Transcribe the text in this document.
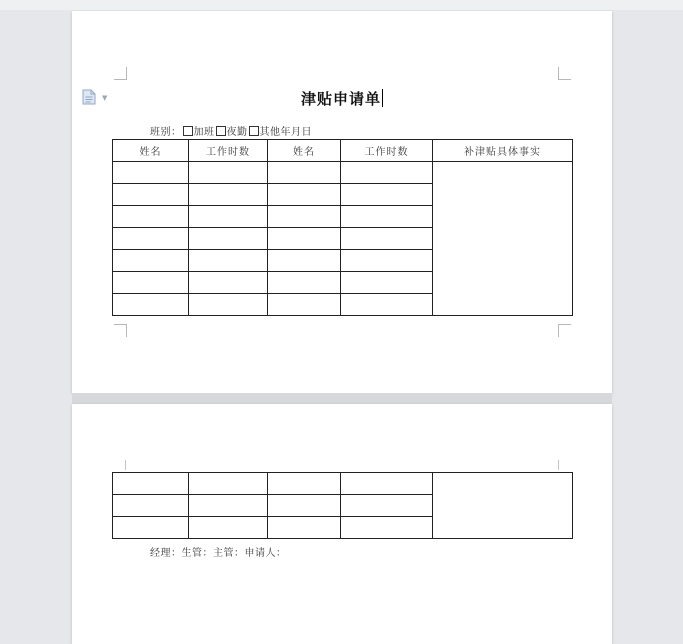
津贴申请单
班别： 加班 夜勤 其他年月日
姓名	工作时数	姓名	工作时数	补津贴具体事实

▼

经理：生管：主管：申请人：
